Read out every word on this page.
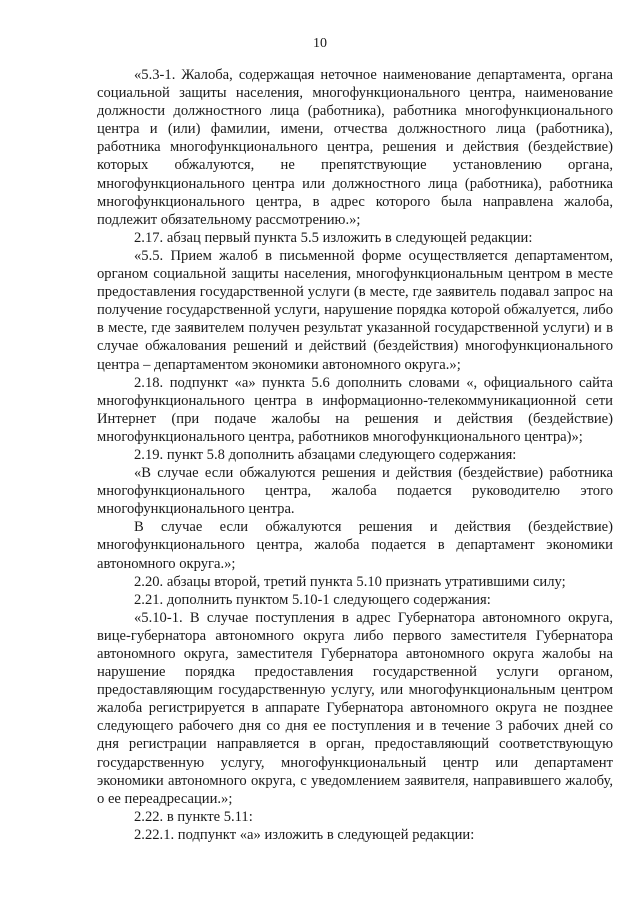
10

«5.3-1. Жалоба, содержащая неточное наименование департамента, органа социальной защиты населения, многофункционального центра, наименование должности должностного лица (работника), работника многофункционального центра и (или) фамилии, имени, отчества должностного лица (работника), работника многофункционального центра, решения и действия (бездействие) которых обжалуются, не препятствующие установлению органа, многофункционального центра или должностного лица (работника), работника многофункционального центра, в адрес которого была направлена жалоба, подлежит обязательному рассмотрению.»;

2.17. абзац первый пункта 5.5 изложить в следующей редакции:

«5.5. Прием жалоб в письменной форме осуществляется департаментом, органом социальной защиты населения, многофункциональным центром в месте предоставления государственной услуги (в месте, где заявитель подавал запрос на получение государственной услуги, нарушение порядка которой обжалуется, либо в месте, где заявителем получен результат указанной государственной услуги) и в случае обжалования решений и действий (бездействия) многофункционального центра – департаментом экономики автономного округа.»;

2.18. подпункт «а» пункта 5.6 дополнить словами «, официального сайта многофункционального центра в информационно-телекоммуникационной сети Интернет (при подаче жалобы на решения и действия (бездействие) многофункционального центра, работников многофункционального центра)»;

2.19. пункт 5.8 дополнить абзацами следующего содержания:

«В случае если обжалуются решения и действия (бездействие) работника многофункционального центра, жалоба подается руководителю этого многофункционального центра.

В случае если обжалуются решения и действия (бездействие) многофункционального центра, жалоба подается в департамент экономики автономного округа.»;

2.20. абзацы второй, третий пункта 5.10 признать утратившими силу;

2.21. дополнить пунктом 5.10-1 следующего содержания:

«5.10-1. В случае поступления в адрес Губернатора автономного округа, вице-губернатора автономного округа либо первого заместителя Губернатора автономного округа, заместителя Губернатора автономного округа жалобы на нарушение порядка предоставления государственной услуги органом, предоставляющим государственную услугу, или многофункциональным центром жалоба регистрируется в аппарате Губернатора автономного округа не позднее следующего рабочего дня со дня ее поступления и в течение 3 рабочих дней со дня регистрации направляется в орган, предоставляющий соответствующую государственную услугу, многофункциональный центр или департамент экономики автономного округа, с уведомлением заявителя, направившего жалобу, о ее переадресации.»;

2.22. в пункте 5.11:

2.22.1. подпункт «а» изложить в следующей редакции:
